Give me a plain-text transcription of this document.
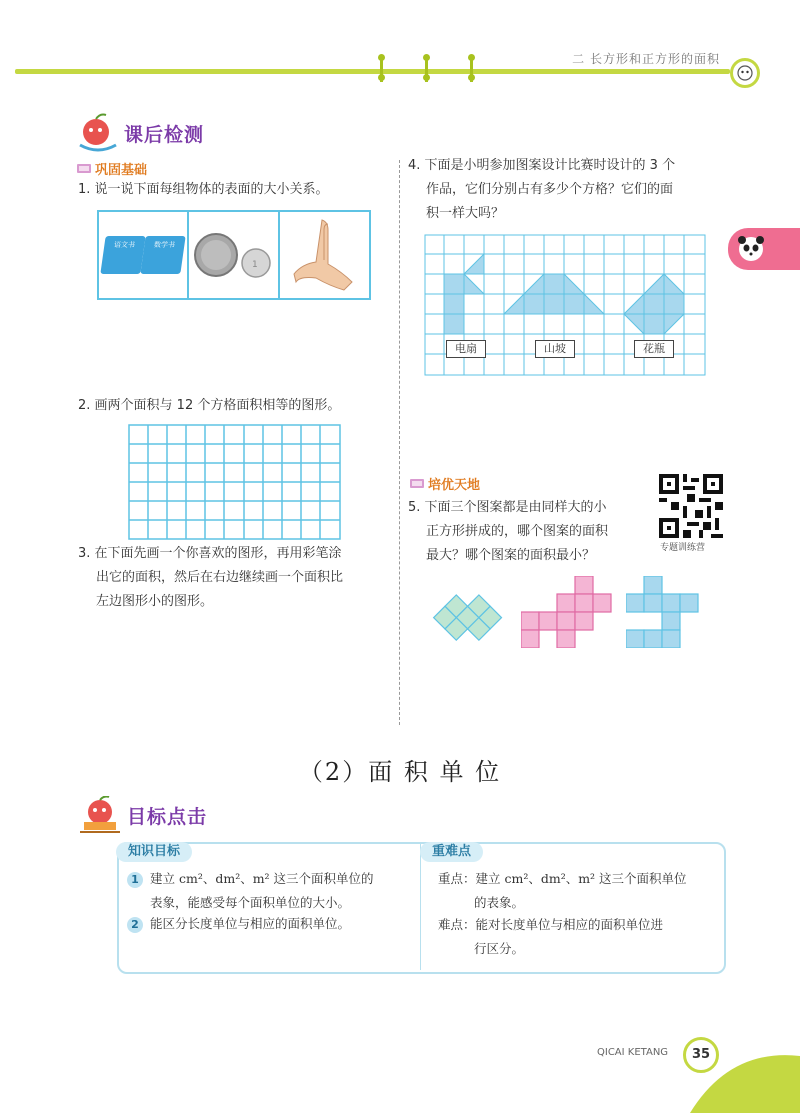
二 长方形和正方形的面积
课后检测
巩固基础
1. 说一说下面每组物体的表面的大小关系。
语文书	数学书
1
2. 画两个面积与 12 个方格面积相等的图形。
3. 在下面先画一个你喜欢的图形，再用彩笔涂
出它的面积，然后在右边继续画一个面积比
左边图形小的图形。
4. 下面是小明参加图案设计比赛时设计的 3 个
作品，它们分别占有多少个方格？它们的面
积一样大吗？
电扇	山坡	花瓶
培优天地
5. 下面三个图案都是由同样大的小
正方形拼成的，哪个图案的面积
最大？哪个图案的面积最小？	专题训练营
（2）面 积 单 位
目标点击
知识目标	重难点
1 建立 cm²、dm²、m² 这三个面积单位的
表象，能感受每个面积单位的大小。
2 能区分长度单位与相应的面积单位。
重点：建立 cm²、dm²、m² 这三个面积单位
的表象。
难点：能对长度单位与相应的面积单位进
行区分。
QICAI KETANG	35
